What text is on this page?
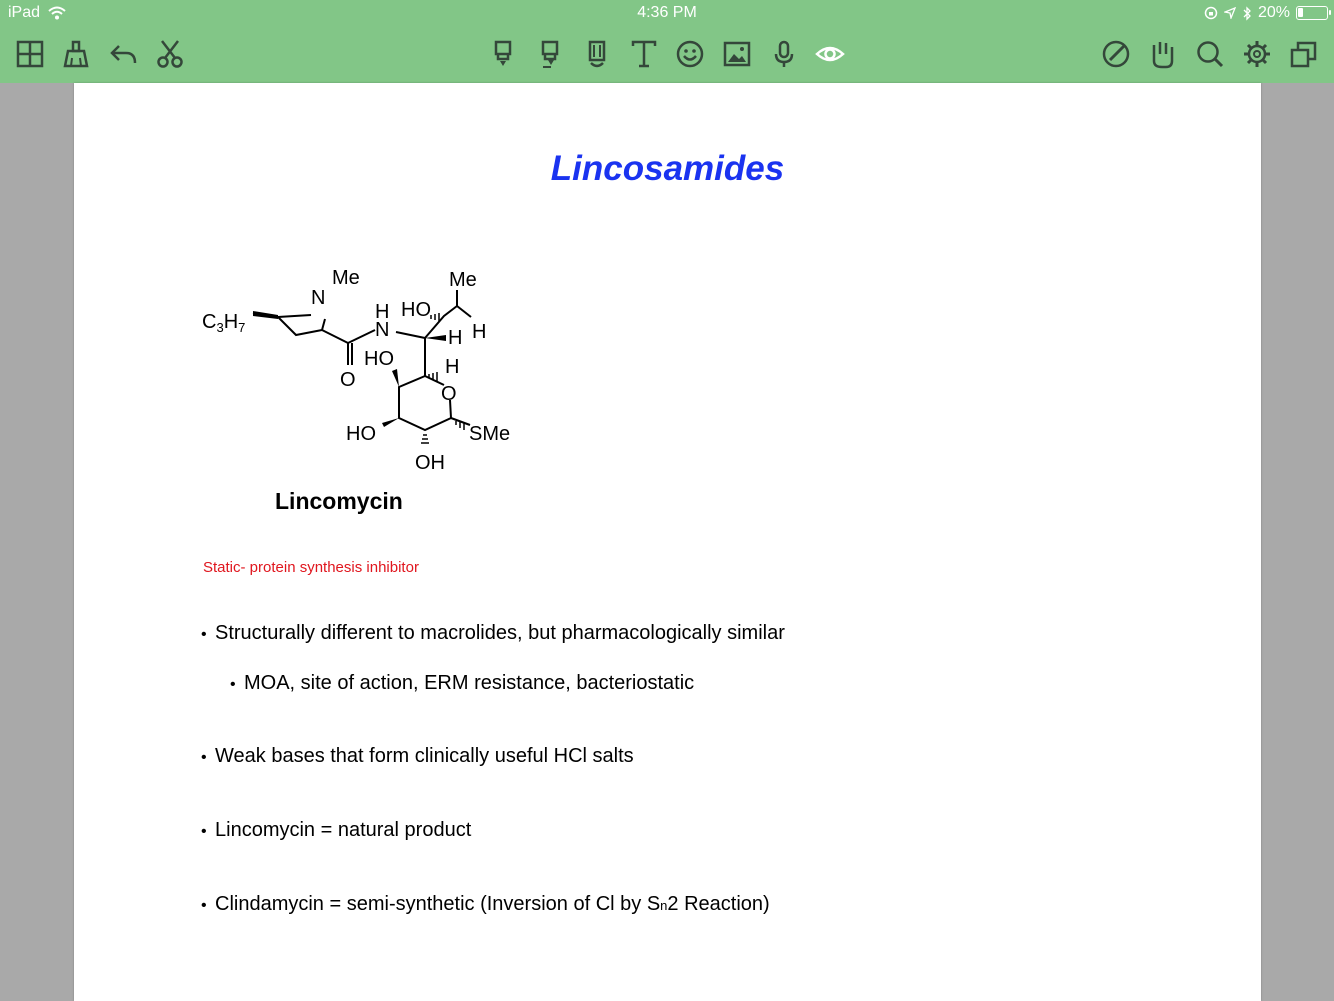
iPad	4:36 PM	20%
Lincosamides
Me
N
$C_3H_7$
H
N
O
Me
HO
H H
HO	H
O
HO	SMe
OH
Lincomycin
Static- protein synthesis inhibitor
• Structurally different to macrolides, but pharmacologically similar
• MOA, site of action, ERM resistance, bacteriostatic
• Weak bases that form clinically useful HCl salts
• Lincomycin = natural product
• Clindamycin = semi-synthetic (Inversion of Cl by S n 2 Reaction)
